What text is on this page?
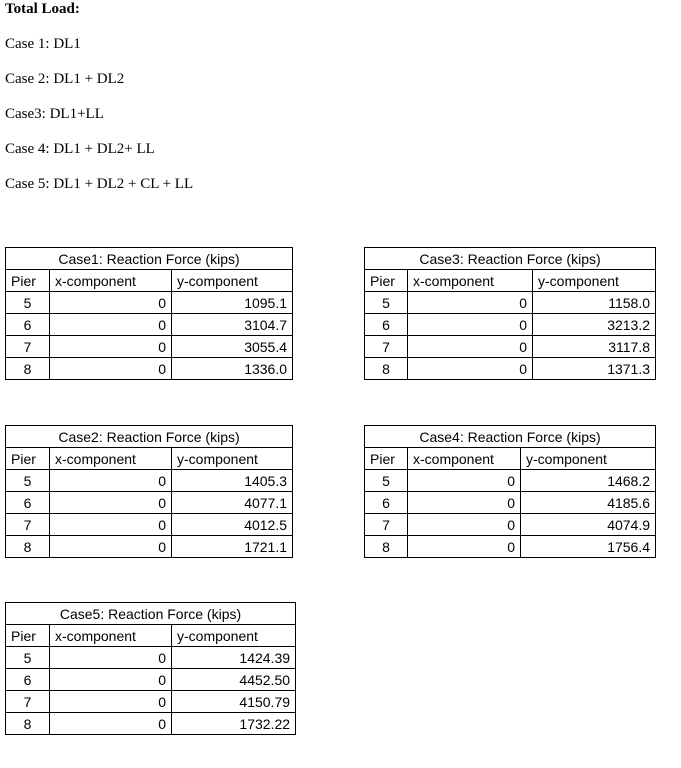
Total Load:
Case 1: DL1
Case 2: DL1 + DL2
Case3: DL1+LL
Case 4: DL1 + DL2+ LL
Case 5: DL1 + DL2 + CL + LL
Case1: Reaction Force (kips)		
Pier	x-component	y-component
5	0	1095.1
6	0	3104.7
7	0	3055.4
8	0	1336.0
Case3: Reaction Force (kips)		
Pier	x-component	y-component
5	0	1158.0
6	0	3213.2
7	0	3117.8
8	0	1371.3
Case2: Reaction Force (kips)		
Pier	x-component	y-component
5	0	1405.3
6	0	4077.1
7	0	4012.5
8	0	1721.1
Case4: Reaction Force (kips)		
Pier	x-component	y-component
5	0	1468.2
6	0	4185.6
7	0	4074.9
8	0	1756.4
Case5: Reaction Force (kips)		
Pier	x-component	y-component
5	0	1424.39
6	0	4452.50
7	0	4150.79
8	0	1732.22
